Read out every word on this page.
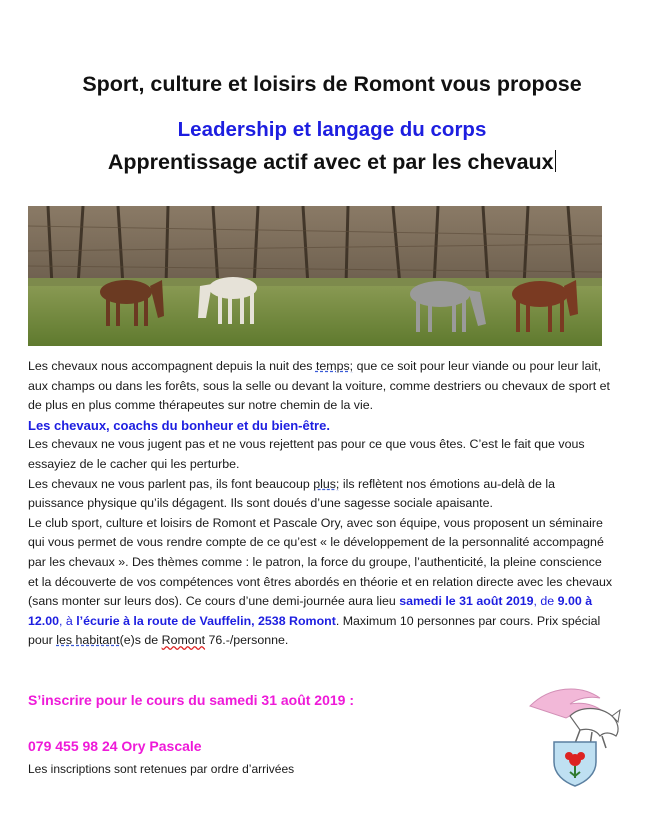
Sport, culture et loisirs de Romont vous propose
Leadership et langage du corps
Apprentissage actif avec et par les chevaux

Les chevaux nous accompagnent depuis la nuit des temps; que ce soit pour leur viande ou pour leur lait, aux champs ou dans les forêts, sous la selle ou devant la voiture, comme destriers ou chevaux de sport et de plus en plus comme thérapeutes sur notre chemin de la vie.

Les chevaux, coachs du bonheur et du bien-être.

Les chevaux ne vous jugent pas et ne vous rejettent pas pour ce que vous êtes. C’est le fait que vous essayiez de le cacher qui les perturbe.

Les chevaux ne vous parlent pas, ils font beaucoup plus; ils reflètent nos émotions au-delà de la puissance physique qu’ils dégagent. Ils sont doués d’une sagesse sociale apaisante.

Le club sport, culture et loisirs de Romont et Pascale Ory, avec son équipe, vous proposent un séminaire qui vous permet de vous rendre compte de ce qu’est « le développement de la personnalité accompagné par les chevaux ». Des thèmes comme : le patron, la force du groupe, l’authenticité, la pleine conscience et la découverte de vos compétences vont êtres abordés en théorie et en relation directe avec les chevaux (sans monter sur leurs dos). Ce cours d’une demi-journée aura lieu samedi le 31 août 2019, de 9.00 à 12.00, à l’écurie à la route de Vauffelin, 2538 Romont. Maximum 10 personnes par cours. Prix spécial pour les habitant(e)s de Romont 76.-/personne.

S’inscrire pour le cours du samedi 31 août 2019 :
079 455 98 24 Ory Pascale
Les inscriptions sont retenues par ordre d’arrivées
